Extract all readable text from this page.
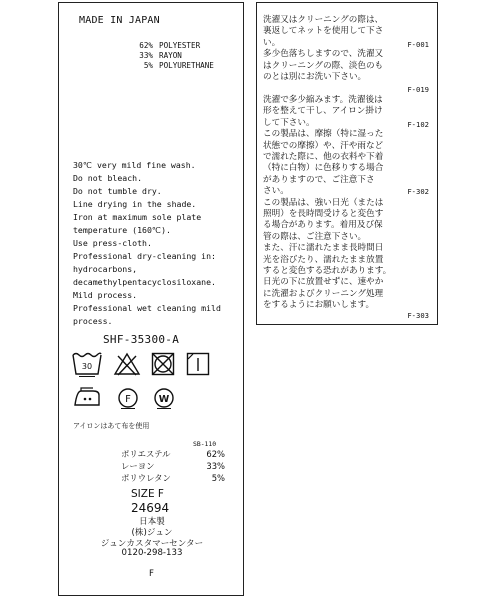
MADE IN JAPAN
62% POLYESTER
33% RAYON
5% POLYURETHANE
30℃ very mild fine wash.
Do not bleach.
Do not tumble dry.
Line drying in the shade.
Iron at maximum sole plate
temperature (160℃).
Use press-cloth.
Professional dry-cleaning in:
hydrocarbons,
decamethylpentacyclosiloxane.
Mild process.
Professional wet cleaning mild
process.
SHF-35300-A
30
F	W
アイロンはあて布を使用
SB-110
ポリエステル	62%
レーヨン	33%
ポリウレタン	5%
SIZE F
24694
日本製
(株)ジュン
ジュンカスタマーセンター
0120-298-133
F
洗濯又はクリーニングの際は、
裏返してネットを使用して下さ
い。	F-001
多少色落ちしますので、洗濯又
はクリーニングの際、淡色のも
のとは別にお洗い下さい。
F-019
洗濯で多少縮みます。洗濯後は
形を整えて干し、アイロン掛け
して下さい。	F-102
この製品は、摩擦（特に湿った
状態での摩擦）や、汗や雨など
で濡れた際に、他の衣料や下着
（特に白物）に色移りする場合
がありますので、ご注意下さ
さい。	F-302
この製品は、強い日光（または
照明）を長時間受けると変色す
る場合があります。着用及び保
管の際は、ご注意下さい。
また、汗に濡れたまま長時間日
光を浴びたり、濡れたまま放置
すると変色する恐れがあります。
日光の下に放置せずに、速やか
に洗濯およびクリーニング処理
をするようにお願いします。
F-303
